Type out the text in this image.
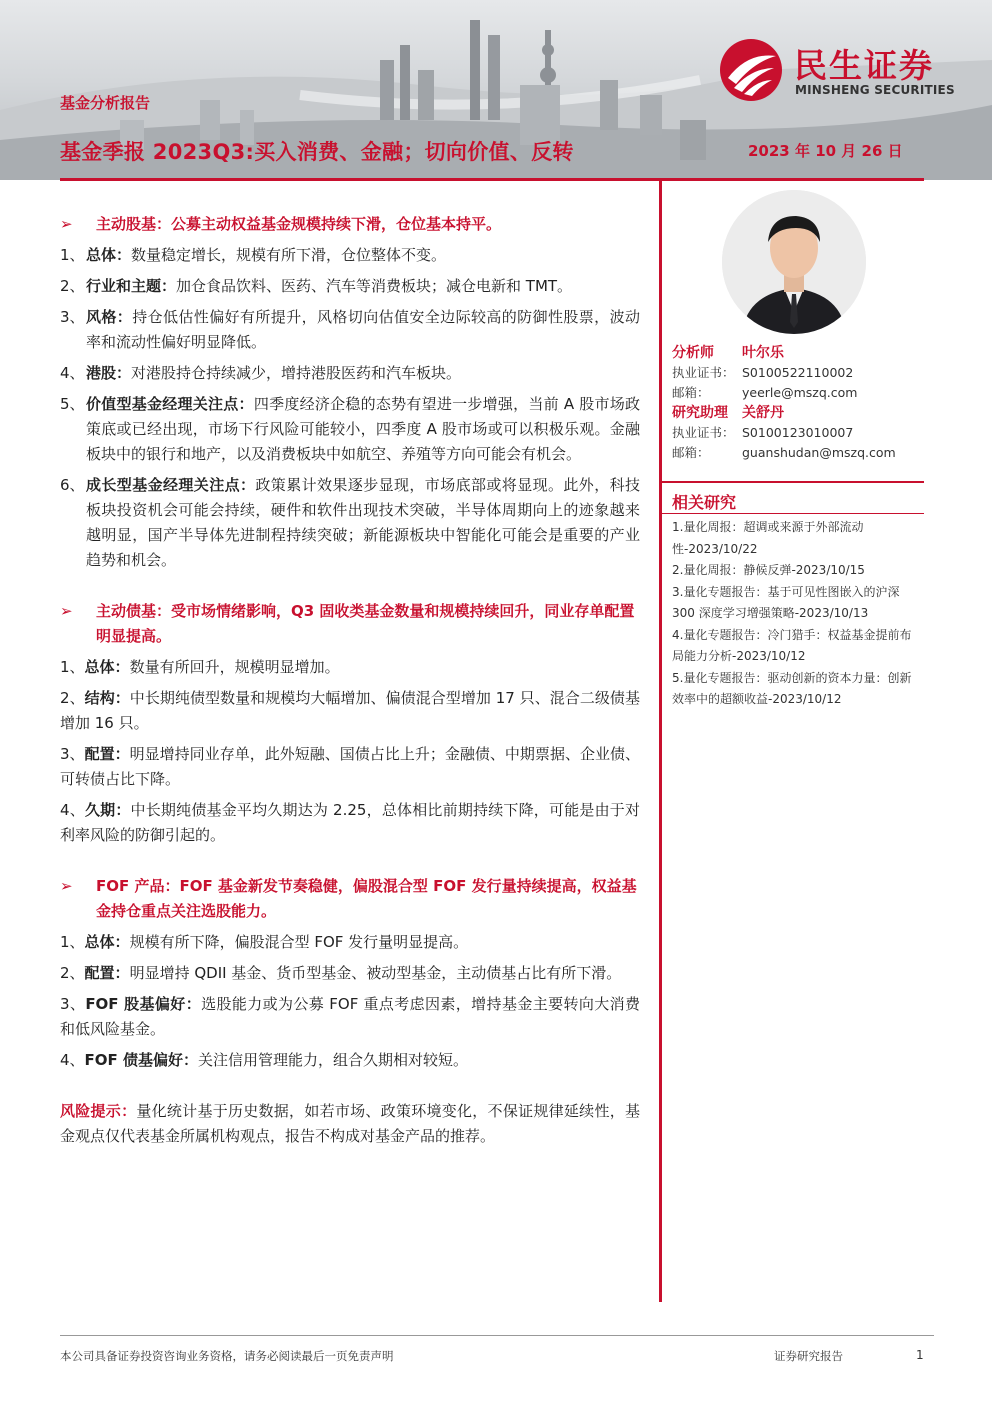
民生证券
MINSHENG SECURITIES
基金分析报告
基金季报 2023Q3:买入消费、金融；切向价值、反转	2023 年 10 月 26 日
➢ 主动股基：公募主动权益基金规模持续下滑，仓位基本持平。
1、 总体：数量稳定增长，规模有所下滑，仓位整体不变。
2、 行业和主题：加仓食品饮料、医药、汽车等消费板块；减仓电新和 TMT。
3、 风格：持仓低估性偏好有所提升，风格切向估值安全边际较高的防御性股票，波动率和流动性偏好明显降低。
4、 港股：对港股持仓持续减少，增持港股医药和汽车板块。
5、 价值型基金经理关注点：四季度经济企稳的态势有望进一步增强，当前 A 股市场政策底或已经出现，市场下行风险可能较小，四季度 A 股市场或可以积极乐观。金融板块中的银行和地产，以及消费板块中如航空、养殖等方向可能会有机会。
6、 成长型基金经理关注点：政策累计效果逐步显现，市场底部或将显现。此外，科技板块投资机会可能会持续，硬件和软件出现技术突破，半导体周期向上的迹象越来越明显，国产半导体先进制程持续突破；新能源板块中智能化可能会是重要的产业趋势和机会。
➢ 主动债基：受市场情绪影响，Q3 固收类基金数量和规模持续回升，同业存单配置明显提高。
1、总体：数量有所回升，规模明显增加。
2、结构：中长期纯债型数量和规模均大幅增加、偏债混合型增加 17 只、混合二级债基增加 16 只。
3、配置：明显增持同业存单，此外短融、国债占比上升；金融债、中期票据、企业债、可转债占比下降。
4、久期：中长期纯债基金平均久期达为 2.25，总体相比前期持续下降，可能是由于对利率风险的防御引起的。
➢ FOF 产品：FOF 基金新发节奏稳健，偏股混合型 FOF 发行量持续提高，权益基金持仓重点关注选股能力。
1、总体：规模有所下降，偏股混合型 FOF 发行量明显提高。
2、配置：明显增持 QDII 基金、货币型基金、被动型基金，主动债基占比有所下滑。
3、FOF 股基偏好：选股能力或为公募 FOF 重点考虑因素，增持基金主要转向大消费和低风险基金。
4、FOF 债基偏好：关注信用管理能力，组合久期相对较短。
风险提示：量化统计基于历史数据，如若市场、政策环境变化，不保证规律延续性，基金观点仅代表基金所属机构观点，报告不构成对基金产品的推荐。
分析师 叶尔乐
执业证书： S0100522110002
邮箱：	yeerle@mszq.com
研究助理 关舒丹
执业证书： S0100123010007
邮箱：	guanshudan@mszq.com
相关研究

1.量化周报：超调或来源于外部流动性-2023/10/22

2.量化周报：静候反弹-2023/10/15

3.量化专题报告：基于可见性图嵌入的沪深300 深度学习增强策略-2023/10/13

4.量化专题报告：冷门猎手：权益基金提前布局能力分析-2023/10/12

5.量化专题报告：驱动创新的资本力量：创新效率中的超额收益-2023/10/12

本公司具备证券投资咨询业务资格，请务必阅读最后一页免责声明	证券研究报告	1
